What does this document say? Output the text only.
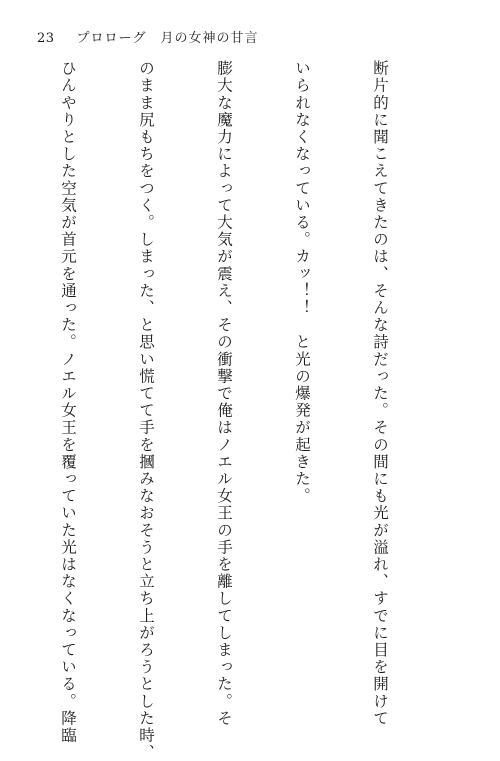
23 プロローグ　月の女神の甘言

断片的に聞こえてきたのは、そんな詩だった。その間にも光が溢れ、すでに目を開けて

いられなくなっている。カッ！！　と光の爆発が起きた。

膨大な魔力によって大気が震え、その衝撃で俺はノエル女王の手を離してしまった。そ

のまま尻もちをつく。しまった、と思い慌てて手を摑みなおそうと立ち上がろうとした時、

ひんやりとした空気が首元を通った。ノエル女王を覆っていた光はなくなっている。降臨
